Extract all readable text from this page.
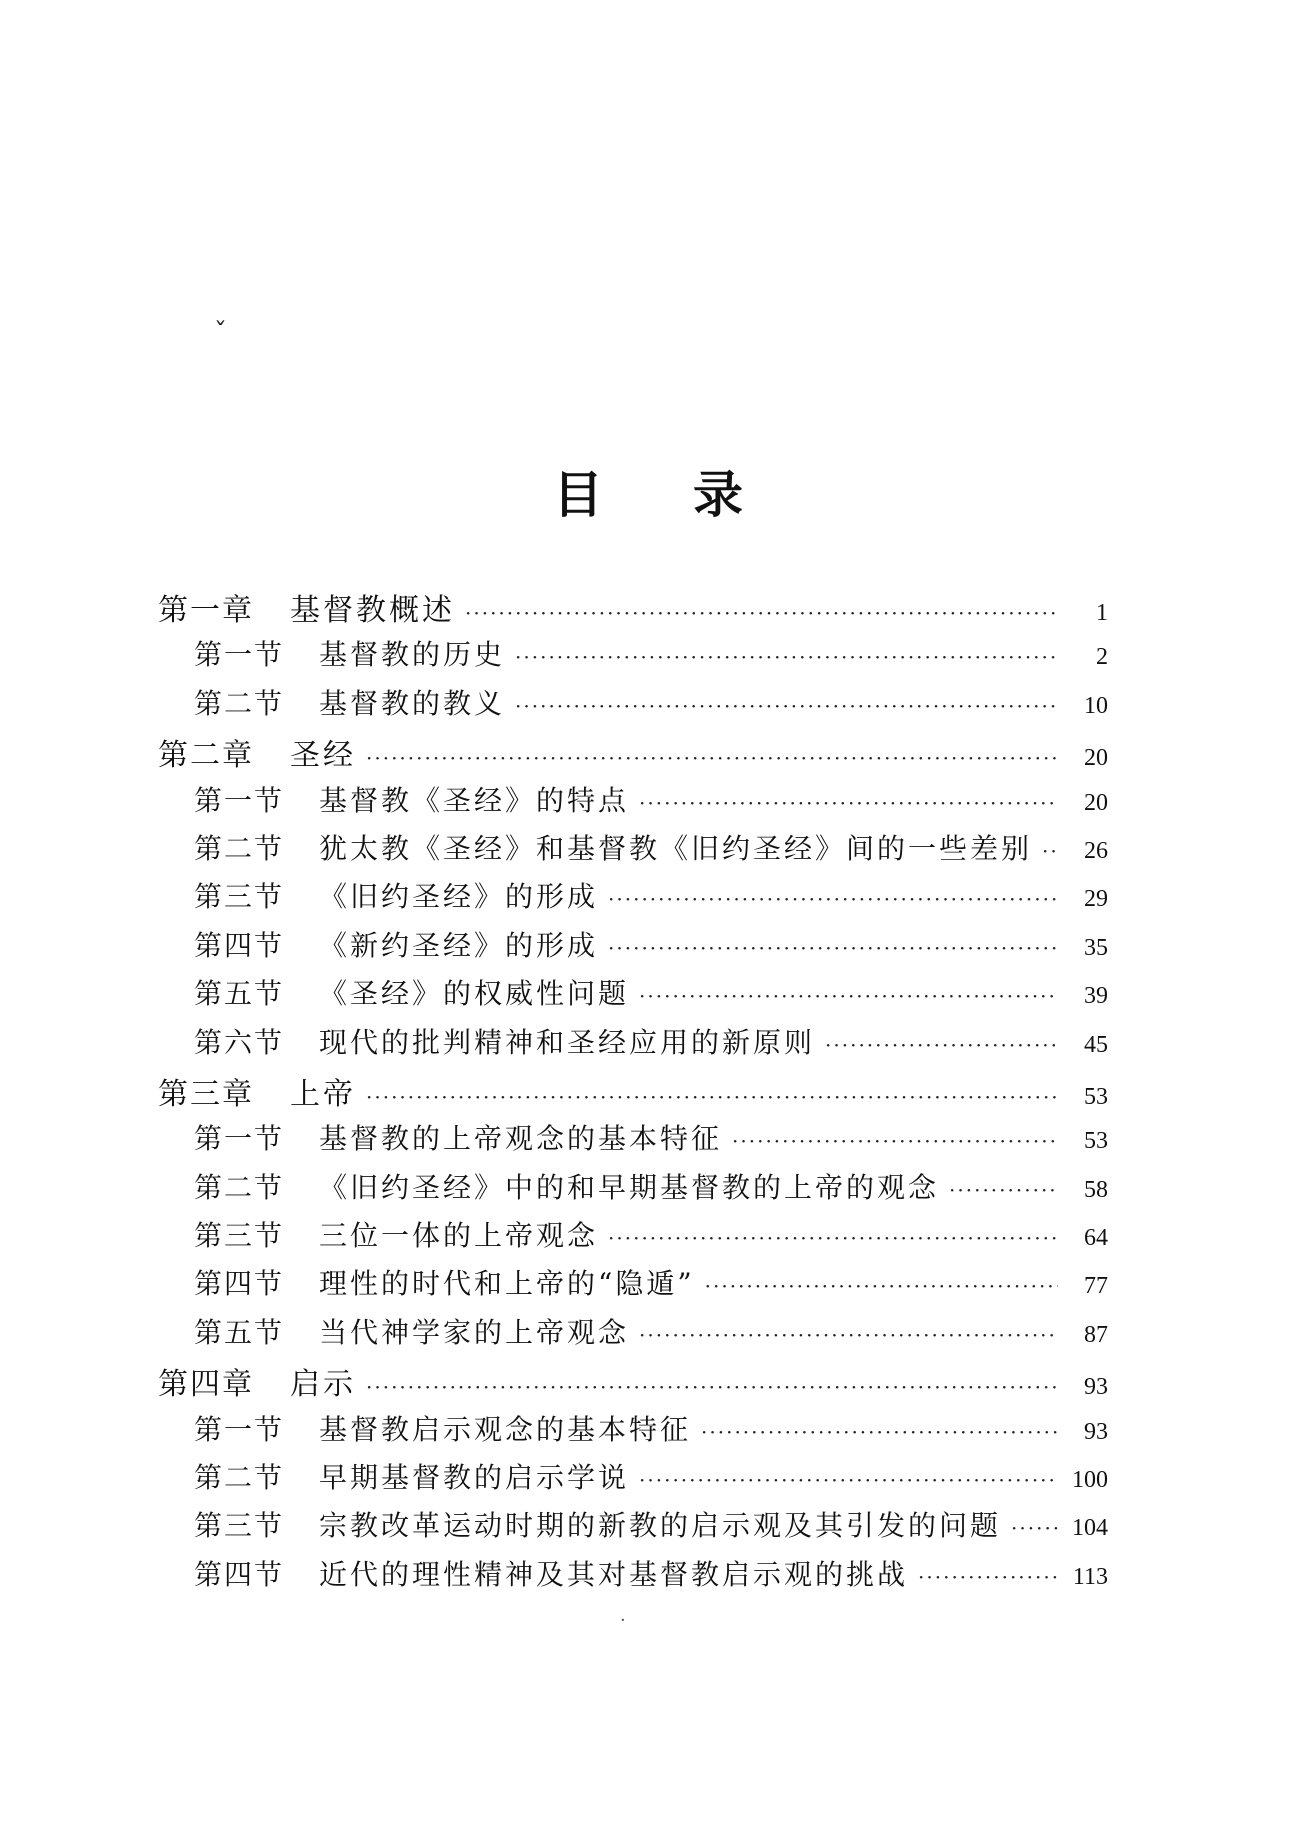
ˇ
目录
第一章	基督教概述 ·····	1
第一节	基督教的历史 ·····	2
第二节	基督教的教义 ·····	10
第二章	圣经 ·····	20
第一节	基督教《圣经》的特点 ·····	20
第二节	犹太教《圣经》和基督教《旧约圣经》间的一些差别 ·····	26
第三节	《旧约圣经》的形成 ·····	29
第四节	《新约圣经》的形成 ·····	35
第五节	《圣经》的权威性问题 ·····	39
第六节	现代的批判精神和圣经应用的新原则 ·····	45
第三章	上帝 ·····	53
第一节	基督教的上帝观念的基本特征 ·····	53
第二节	《旧约圣经》中的和早期基督教的上帝的观念 ·····	58
第三节	三位一体的上帝观念 ·····	64
第四节	理性的时代和上帝的“隐遁” ·····	77
第五节	当代神学家的上帝观念 ·····	87
第四章	启示 ·····	93
第一节	基督教启示观念的基本特征 ·····	93
第二节	早期基督教的启示学说 ·····	100
第三节	宗教改革运动时期的新教的启示观及其引发的问题 ·····	104
第四节	近代的理性精神及其对基督教启示观的挑战 ·····	113
·
